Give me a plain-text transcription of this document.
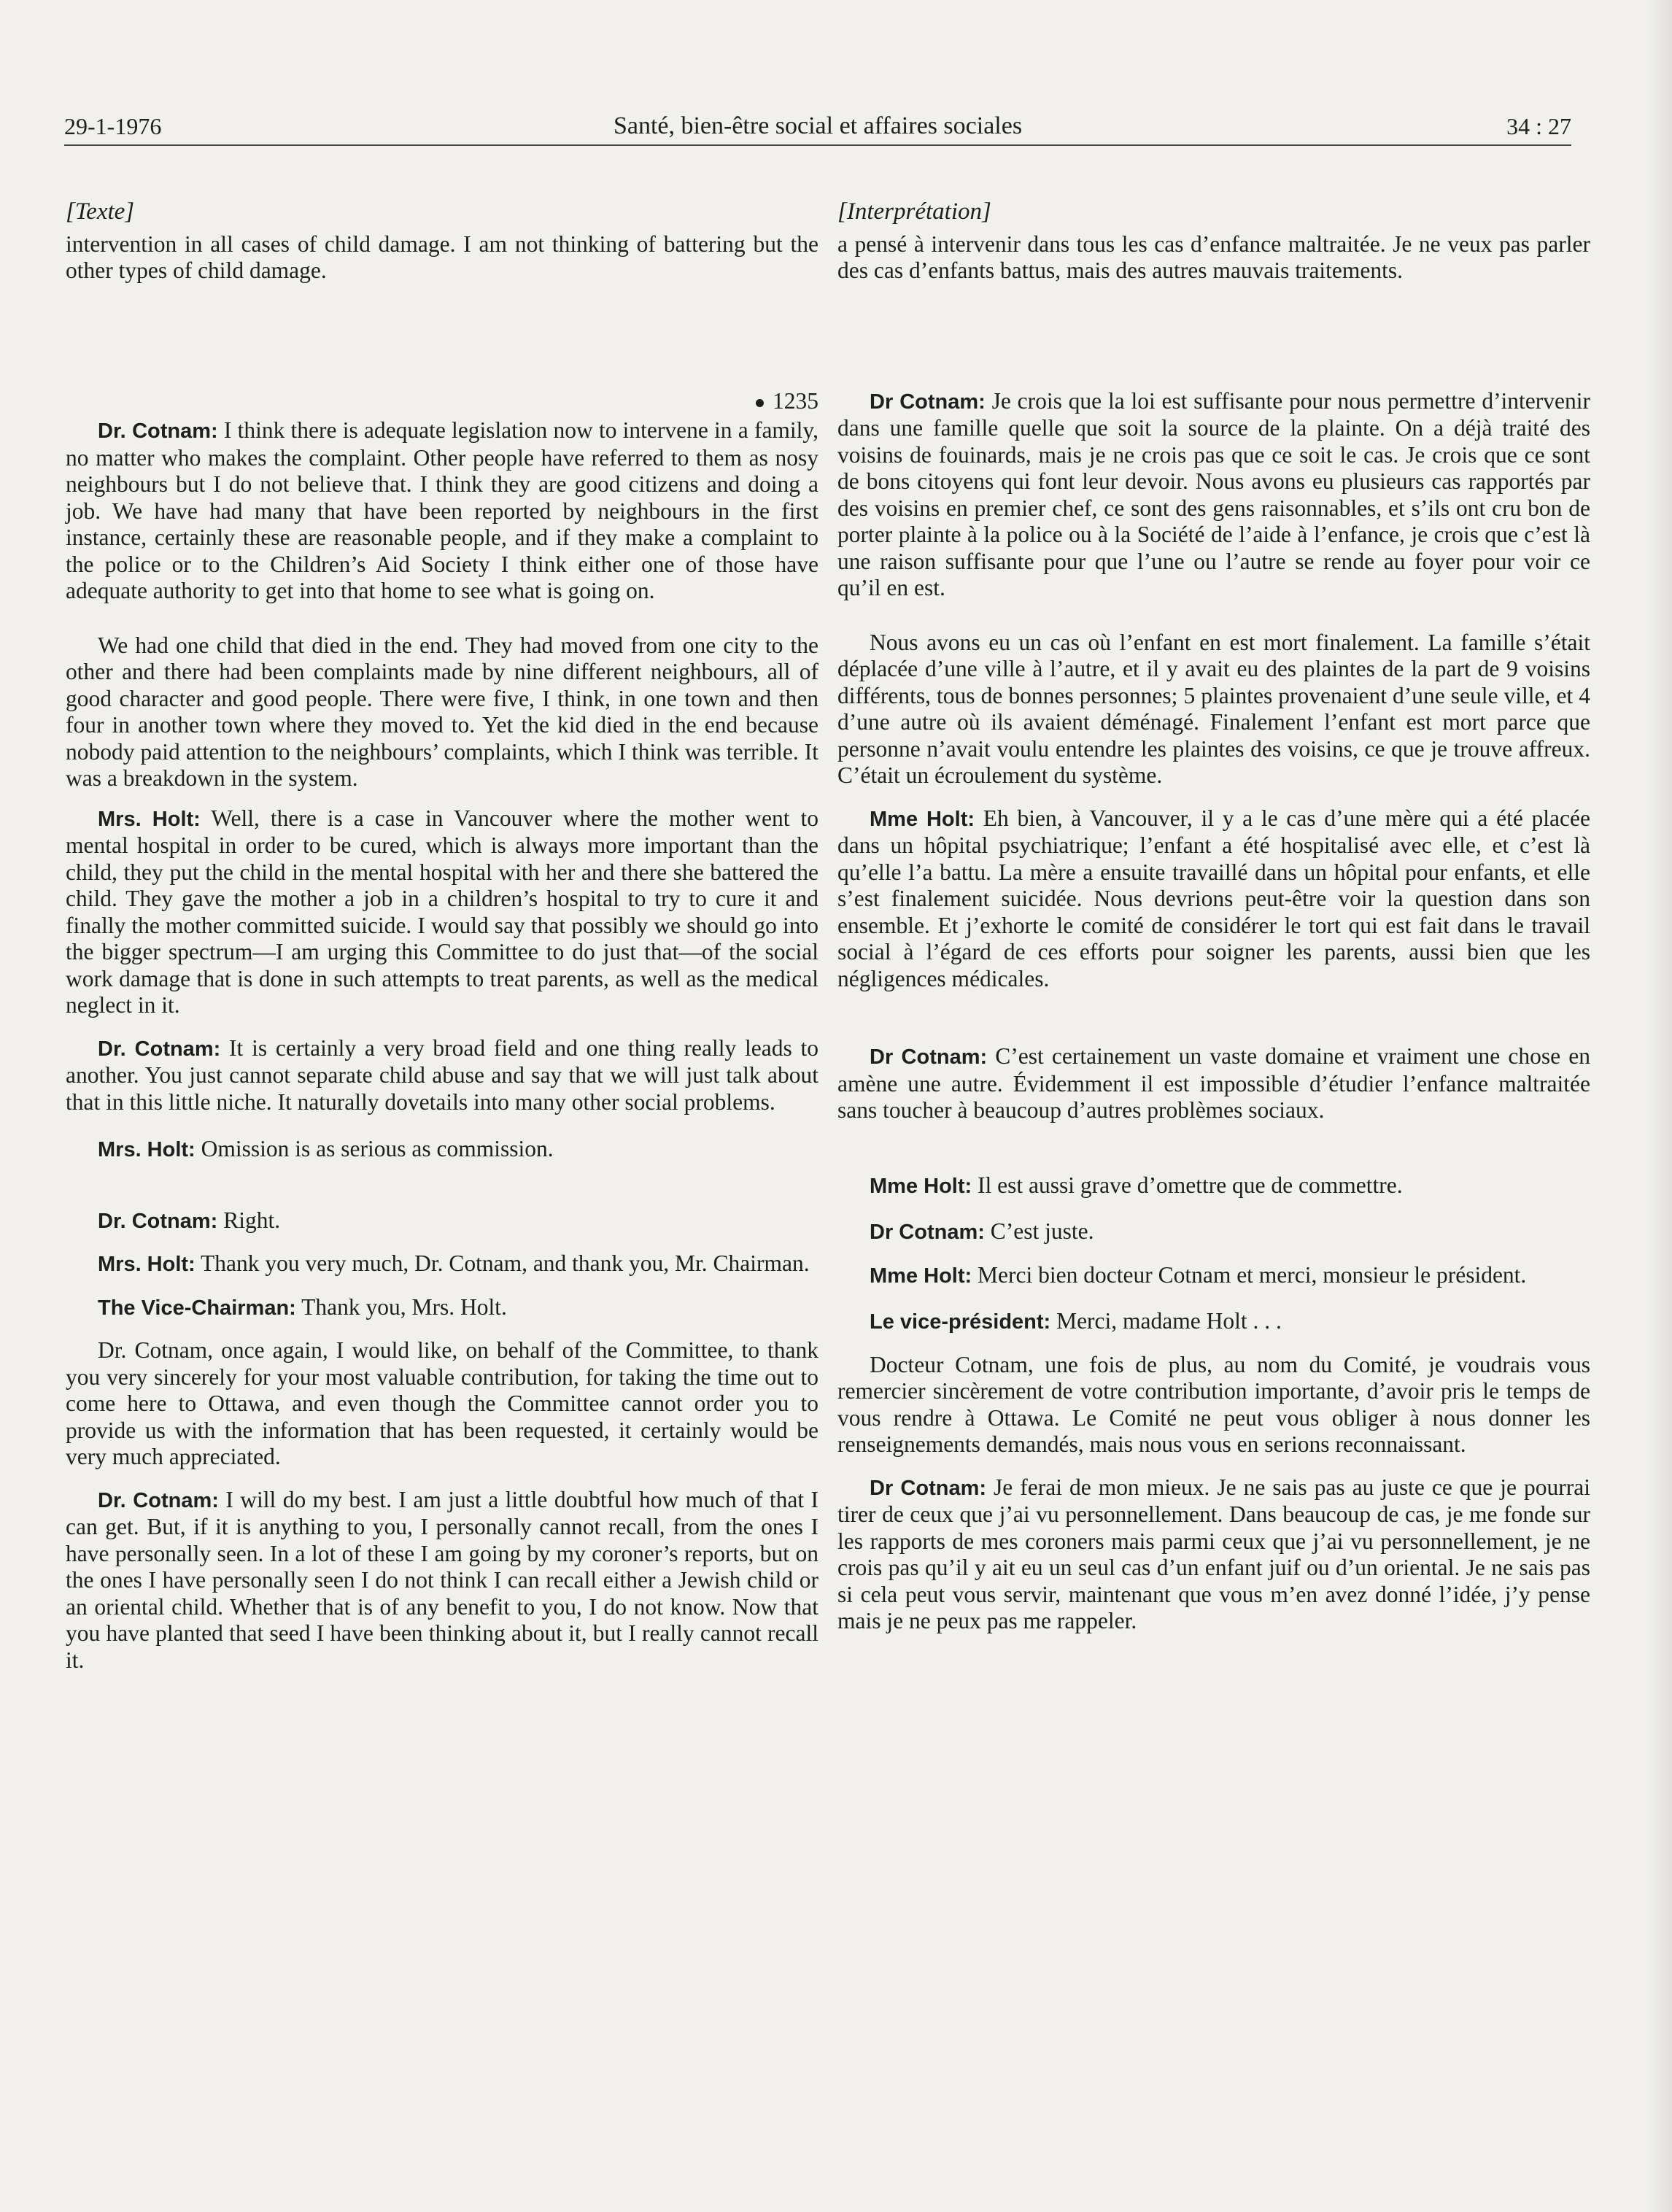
29-1-1976	Santé, bien-être social et affaires sociales	34 : 27
[Texte]

intervention in all cases of child damage. I am not thinking of battering but the other types of child damage.

1235

Dr. Cotnam: I think there is adequate legislation now to intervene in a family, no matter who makes the complaint. Other people have referred to them as nosy neighbours but I do not believe that. I think they are good citizens and doing a job. We have had many that have been reported by neighbours in the first instance, certainly these are reasonable people, and if they make a complaint to the police or to the Children’s Aid Society I think either one of those have adequate authority to get into that home to see what is going on.

We had one child that died in the end. They had moved from one city to the other and there had been complaints made by nine different neighbours, all of good character and good people. There were five, I think, in one town and then four in another town where they moved to. Yet the kid died in the end because nobody paid attention to the neighbours’ complaints, which I think was terrible. It was a breakdown in the system.

Mrs. Holt: Well, there is a case in Vancouver where the mother went to mental hospital in order to be cured, which is always more important than the child, they put the child in the mental hospital with her and there she battered the child. They gave the mother a job in a children’s hospital to try to cure it and finally the mother committed suicide. I would say that possibly we should go into the bigger spectrum—I am urging this Committee to do just that—of the social work damage that is done in such attempts to treat parents, as well as the medical neglect in it.

Dr. Cotnam: It is certainly a very broad field and one thing really leads to another. You just cannot separate child abuse and say that we will just talk about that in this little niche. It naturally dovetails into many other social problems.

Mrs. Holt: Omission is as serious as commission.

Dr. Cotnam: Right.

Mrs. Holt: Thank you very much, Dr. Cotnam, and thank you, Mr. Chairman.

The Vice-Chairman: Thank you, Mrs. Holt.

Dr. Cotnam, once again, I would like, on behalf of the Committee, to thank you very sincerely for your most valuable contribution, for taking the time out to come here to Ottawa, and even though the Committee cannot order you to provide us with the information that has been requested, it certainly would be very much appreciated.

Dr. Cotnam: I will do my best. I am just a little doubtful how much of that I can get. But, if it is anything to you, I personally cannot recall, from the ones I have personally seen. In a lot of these I am going by my coroner’s reports, but on the ones I have personally seen I do not think I can recall either a Jewish child or an oriental child. Whether that is of any benefit to you, I do not know. Now that you have planted that seed I have been thinking about it, but I really cannot recall it.

[Interprétation]

a pensé à intervenir dans tous les cas d’enfance maltraitée. Je ne veux pas parler des cas d’enfants battus, mais des autres mauvais traitements.

Dr Cotnam: Je crois que la loi est suffisante pour nous permettre d’intervenir dans une famille quelle que soit la source de la plainte. On a déjà traité des voisins de fouinards, mais je ne crois pas que ce soit le cas. Je crois que ce sont de bons citoyens qui font leur devoir. Nous avons eu plusieurs cas rapportés par des voisins en premier chef, ce sont des gens raisonnables, et s’ils ont cru bon de porter plainte à la police ou à la Société de l’aide à l’enfance, je crois que c’est là une raison suffisante pour que l’une ou l’autre se rende au foyer pour voir ce qu’il en est.

Nous avons eu un cas où l’enfant en est mort finalement. La famille s’était déplacée d’une ville à l’autre, et il y avait eu des plaintes de la part de 9 voisins différents, tous de bonnes personnes; 5 plaintes provenaient d’une seule ville, et 4 d’une autre où ils avaient déménagé. Finalement l’enfant est mort parce que personne n’avait voulu entendre les plaintes des voisins, ce que je trouve affreux. C’était un écroulement du système.

Mme Holt: Eh bien, à Vancouver, il y a le cas d’une mère qui a été placée dans un hôpital psychiatrique; l’enfant a été hospitalisé avec elle, et c’est là qu’elle l’a battu. La mère a ensuite travaillé dans un hôpital pour enfants, et elle s’est finalement suicidée. Nous devrions peut-être voir la question dans son ensemble. Et j’exhorte le comité de considérer le tort qui est fait dans le travail social à l’égard de ces efforts pour soigner les parents, aussi bien que les négligences médicales.

Dr Cotnam: C’est certainement un vaste domaine et vraiment une chose en amène une autre. Évidemment il est impossible d’étudier l’enfance maltraitée sans toucher à beaucoup d’autres problèmes sociaux.

Mme Holt: Il est aussi grave d’omettre que de commettre.

Dr Cotnam: C’est juste.

Mme Holt: Merci bien docteur Cotnam et merci, monsieur le président.

Le vice-président: Merci, madame Holt . . .

Docteur Cotnam, une fois de plus, au nom du Comité, je voudrais vous remercier sincèrement de votre contribution importante, d’avoir pris le temps de vous rendre à Ottawa. Le Comité ne peut vous obliger à nous donner les renseignements demandés, mais nous vous en serions reconnaissant.

Dr Cotnam: Je ferai de mon mieux. Je ne sais pas au juste ce que je pourrai tirer de ceux que j’ai vu personnellement. Dans beaucoup de cas, je me fonde sur les rapports de mes coroners mais parmi ceux que j’ai vu personnellement, je ne crois pas qu’il y ait eu un seul cas d’un enfant juif ou d’un oriental. Je ne sais pas si cela peut vous servir, maintenant que vous m’en avez donné l’idée, j’y pense mais je ne peux pas me rappeler.
